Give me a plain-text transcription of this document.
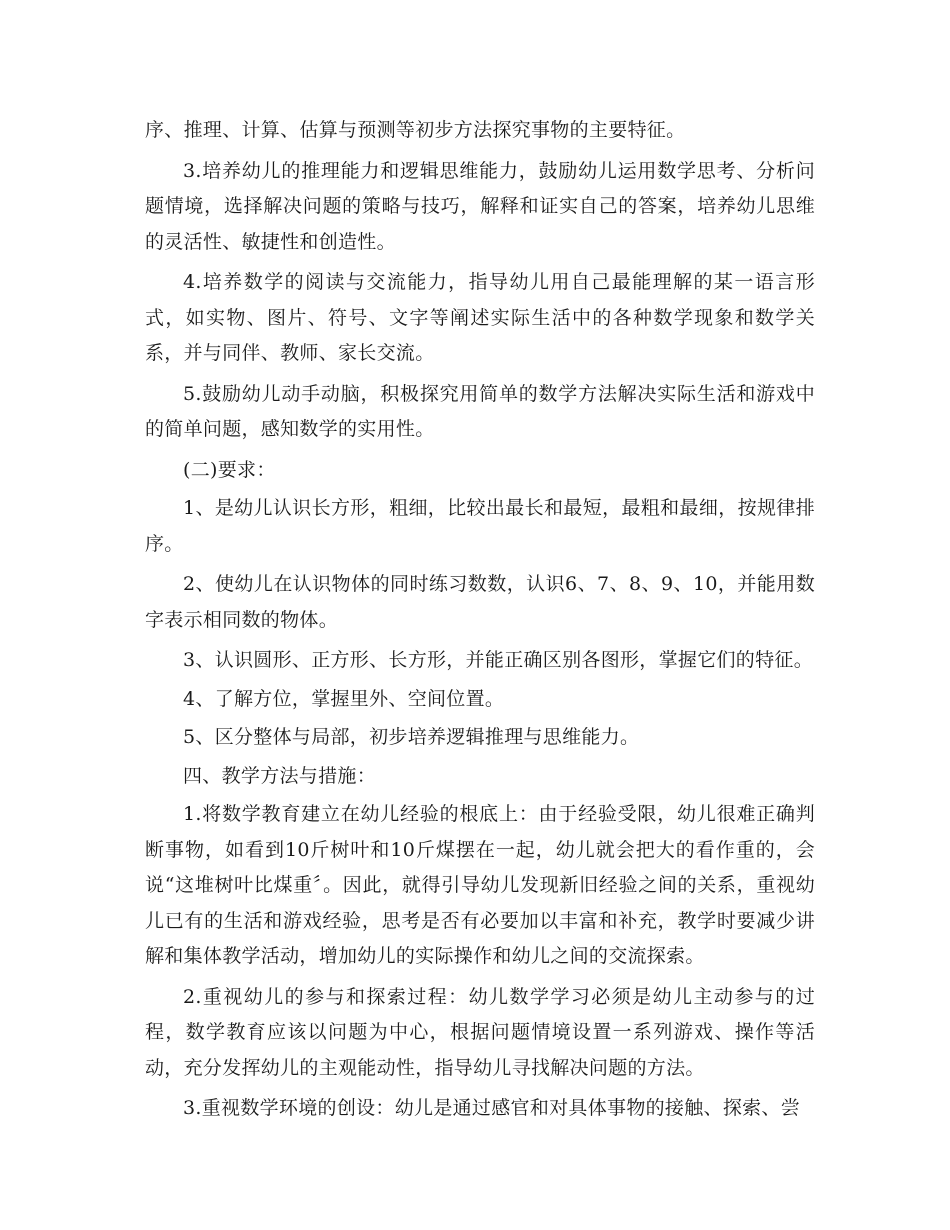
序、推理、计算、估算与预测等初步方法探究事物的主要特征。

3.培养幼儿的推理能力和逻辑思维能力，鼓励幼儿运用数学思考、分析问题情境，选择解决问题的策略与技巧，解释和证实自己的答案，培养幼儿思维的灵活性、敏捷性和创造性。

4.培养数学的阅读与交流能力，指导幼儿用自己最能理解的某一语言形式，如实物、图片、符号、文字等阐述实际生活中的各种数学现象和数学关系，并与同伴、教师、家长交流。

5.鼓励幼儿动手动脑，积极探究用简单的数学方法解决实际生活和游戏中的简单问题，感知数学的实用性。

(二)要求：

1、是幼儿认识长方形，粗细，比较出最长和最短，最粗和最细，按规律排序。

2、使幼儿在认识物体的同时练习数数，认识6、7、8、9、10，并能用数字表示相同数的物体。

3、认识圆形、正方形、长方形，并能正确区别各图形，掌握它们的特征。

4、了解方位，掌握里外、空间位置。

5、区分整体与局部，初步培养逻辑推理与思维能力。

四、教学方法与措施：

1.将数学教育建立在幼儿经验的根底上：由于经验受限，幼儿很难正确判断事物，如看到10斤树叶和10斤煤摆在一起，幼儿就会把大的看作重的，会说“这堆树叶比煤重〞。因此，就得引导幼儿发现新旧经验之间的关系，重视幼儿已有的生活和游戏经验，思考是否有必要加以丰富和补充，教学时要减少讲解和集体教学活动，增加幼儿的实际操作和幼儿之间的交流探索。

2.重视幼儿的参与和探索过程：幼儿数学学习必须是幼儿主动参与的过程，数学教育应该以问题为中心，根据问题情境设置一系列游戏、操作等活动，充分发挥幼儿的主观能动性，指导幼儿寻找解决问题的方法。

3.重视数学环境的创设：幼儿是通过感官和对具体事物的接触、探索、尝
